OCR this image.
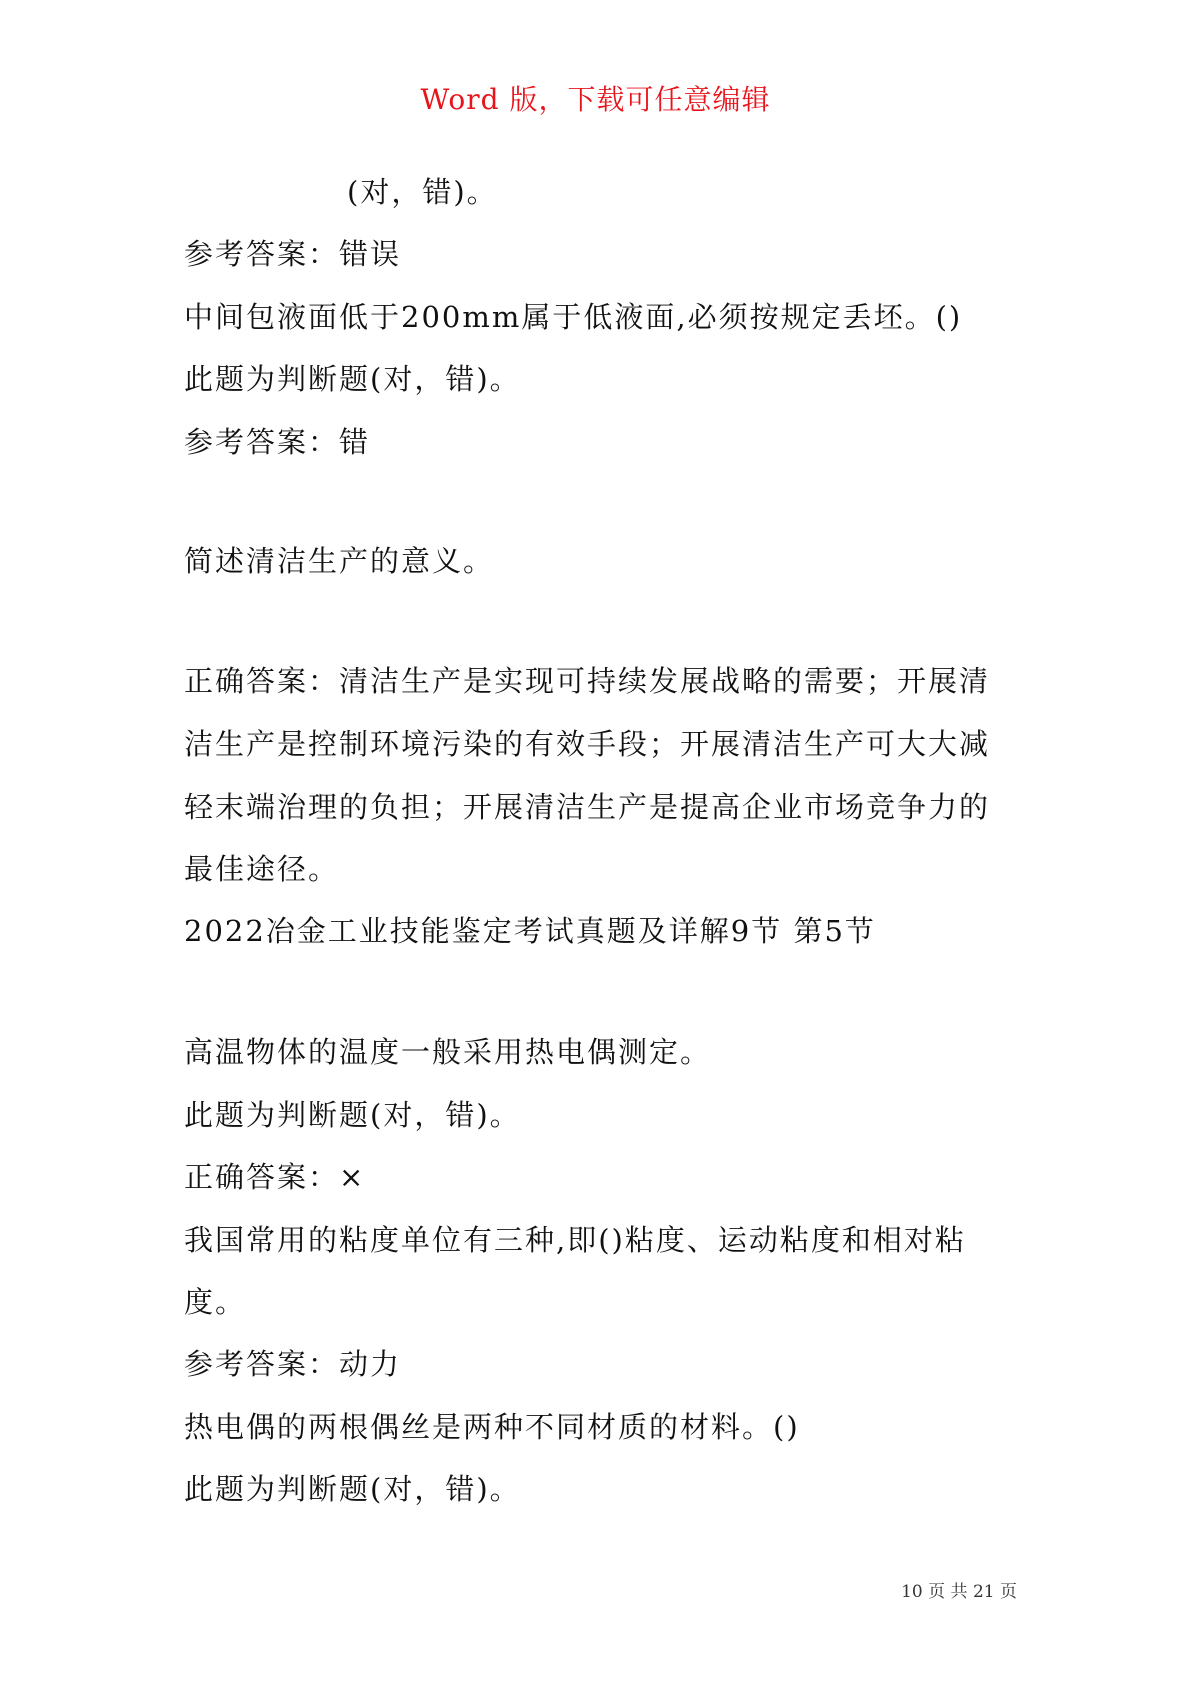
Word 版，下载可任意编辑
(对，错)。
参考答案：错误
中间包液面低于200mm属于低液面,必须按规定丢坯。()
此题为判断题(对，错)。
参考答案：错
简述清洁生产的意义。
正确答案：清洁生产是实现可持续发展战略的需要；开展清
洁生产是控制环境污染的有效手段；开展清洁生产可大大减
轻末端治理的负担；开展清洁生产是提高企业市场竞争力的
最佳途径。
2022冶金工业技能鉴定考试真题及详解9节 第5节
高温物体的温度一般采用热电偶测定。
此题为判断题(对，错)。
正确答案：×
我国常用的粘度单位有三种,即()粘度、运动粘度和相对粘
度。
参考答案：动力
热电偶的两根偶丝是两种不同材质的材料。()
此题为判断题(对，错)。
10 页 共 21 页
